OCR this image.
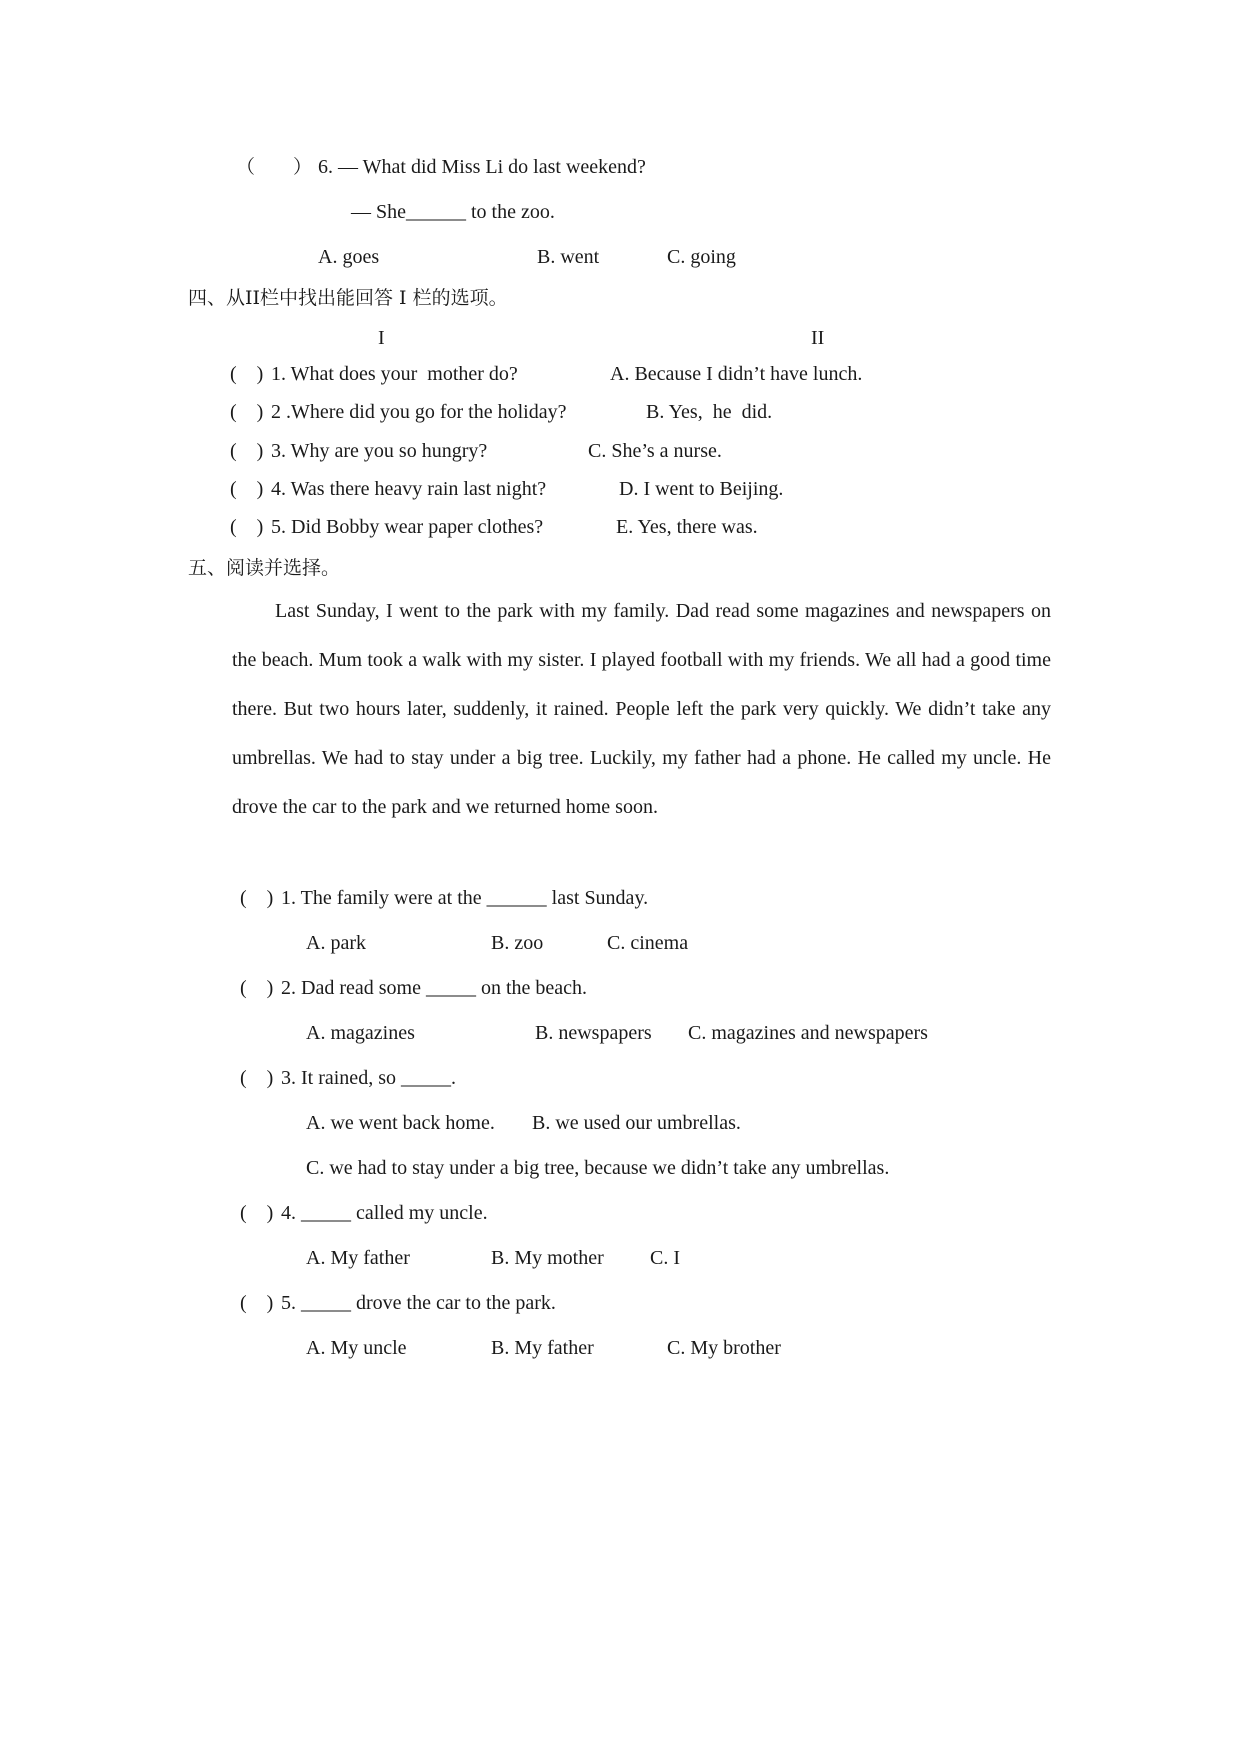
（　　） 6. — What did Miss Li do last weekend?
— She______ to the zoo.
A. goes	B. went	C. going
四、从II栏中找出能回答 I 栏的选项。
I	II
(    ) 1. What does your  mother do?	A. Because I didn’t have lunch.
(    ) 2 .Where did you go for the holiday?	B. Yes,  he  did.
(    ) 3. Why are you so hungry?	C. She’s a nurse.
(    ) 4. Was there heavy rain last night?	D. I went to Beijing.
(    ) 5. Did Bobby wear paper clothes?	E. Yes, there was.
五、阅读并选择。
Last Sunday, I went to the park with my family. Dad read some magazines and newspapers on the beach. Mum took a walk with my sister. I played football with my friends. We all had a good time there. But two hours later, suddenly, it rained. People left the park very quickly. We didn’t take any umbrellas. We had to stay under a big tree. Luckily, my father had a phone. He called my uncle. He drove the car to the park and we returned home soon.
(    ) 1. The family were at the ______ last Sunday.
A. park	B. zoo	C. cinema
(    ) 2. Dad read some _____ on the beach.
A. magazines	B. newspapers C. magazines and newspapers
(    ) 3. It rained, so _____.
A. we went back home. B. we used our umbrellas.
C. we had to stay under a big tree, because we didn’t take any umbrellas.
(    ) 4. _____ called my uncle.
A. My father	B. My mother C. I
(    ) 5. _____ drove the car to the park.
A. My uncle	B. My father	C. My brother
